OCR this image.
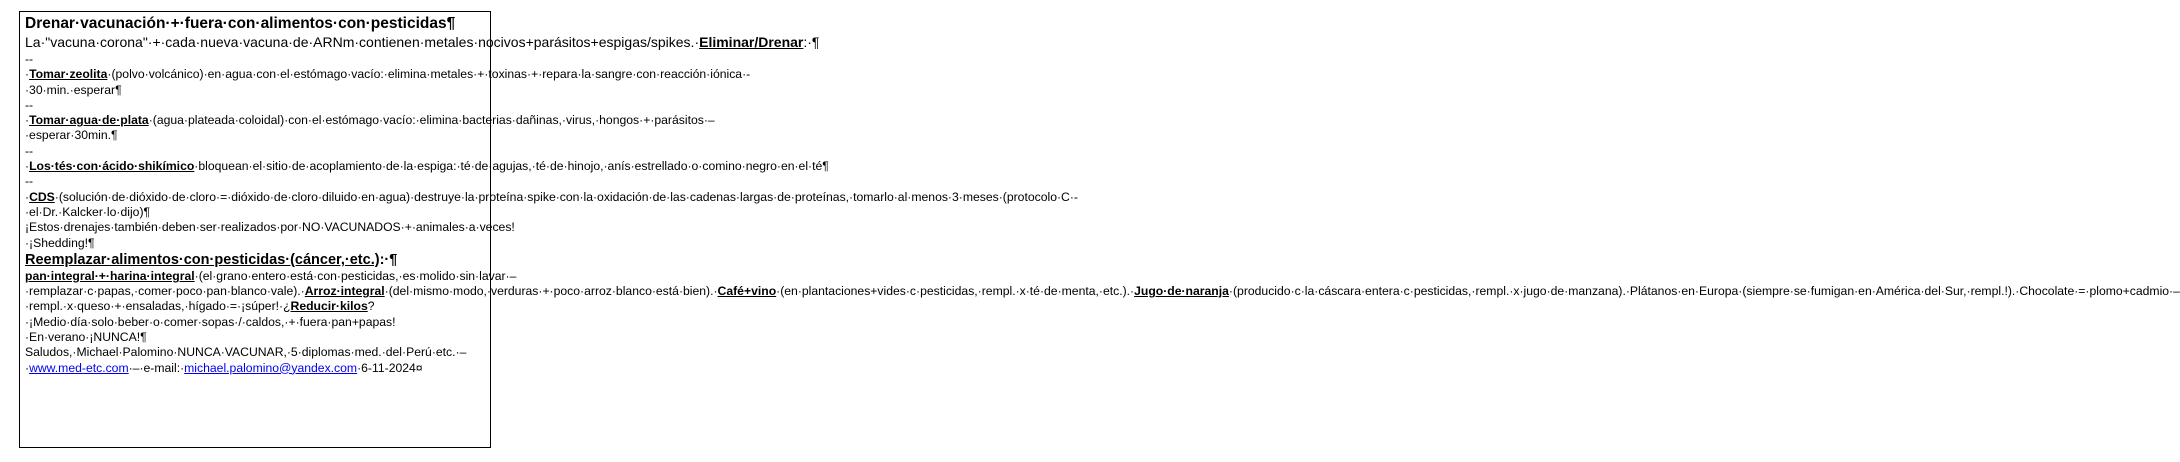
Drenar·vacunación·+·fuera·con·alimentos·con·pesticidas¶
La·"vacuna·corona"·+·cada·nueva·vacuna·de·ARNm·contienen·metales·nocivos+parásitos+espigas/spikes.·Eliminar/Drenar:·¶
--·Tomar·zeolita·(polvo·volcánico)·en·agua·con·el·estómago·vacío:·elimina·metales·+·toxinas·+·repara·la·sangre·con·reacción·iónica·-·30·min.·esperar¶
--·Tomar·agua·de·plata·(agua·plateada·coloidal)·con·el·estómago·vacío:·elimina·bacterias·dañinas,·virus,·hongos·+·parásitos·–·esperar·30min.¶
--·Los·tés·con·ácido·shikímico·bloquean·el·sitio·de·acoplamiento·de·la·espiga:·té·de·agujas,·té·de·hinojo,·anís·estrellado·o·comino·negro·en·el·té¶
--·CDS·(solución·de·dióxido·de·cloro·=·dióxido·de·cloro·diluido·en·agua)·destruye·la·proteína·spike·con·la·oxidación·de·las·cadenas·largas·de·proteínas,·tomarlo·al·menos·3·meses·(protocolo·C·-·el·Dr.·Kalcker·lo·dijo)¶
¡Estos·drenajes·también·deben·ser·realizados·por·NO·VACUNADOS·+·animales·a·veces!·¡Shedding!¶
Reemplazar·alimentos·con·pesticidas·(cáncer,·etc.):·¶
pan·integral·+·harina·integral·(el·grano·entero·está·con·pesticidas,·es·molido·sin·lavar·–·remplazar·c·papas,·comer·poco·pan·blanco·vale).·Arroz·integral·(del·mismo·modo,·verduras·+·poco·arroz·blanco·está·bien).·Café+vino·(en·plantaciones+vides·c·pesticidas,·rempl.·x·té·de·menta,·etc.).·Jugo·de·naranja·(producido·c·la·cáscara·entera·c·pesticidas,·rempl.·x·jugo·de·manzana).·Plátanos·en·Europa·(siempre·se·fumigan·en·América·del·Sur,·rempl.!).·Chocolate·=·plomo+cadmio·–·rempl.·x·queso·+·ensaladas,·hígado·=·¡súper!·¿Reducir·kilos?·¡Medio·día·solo·beber·o·comer·sopas·/·caldos,·+·fuera·pan+papas!·En·verano·¡NUNCA!¶
Saludos,·Michael·Palomino·NUNCA·VACUNAR,·5·diplomas·med.·del·Perú·etc.·–·www.med-etc.com·–·e-mail:·michael.palomino@yandex.com·6-11-2024¤
